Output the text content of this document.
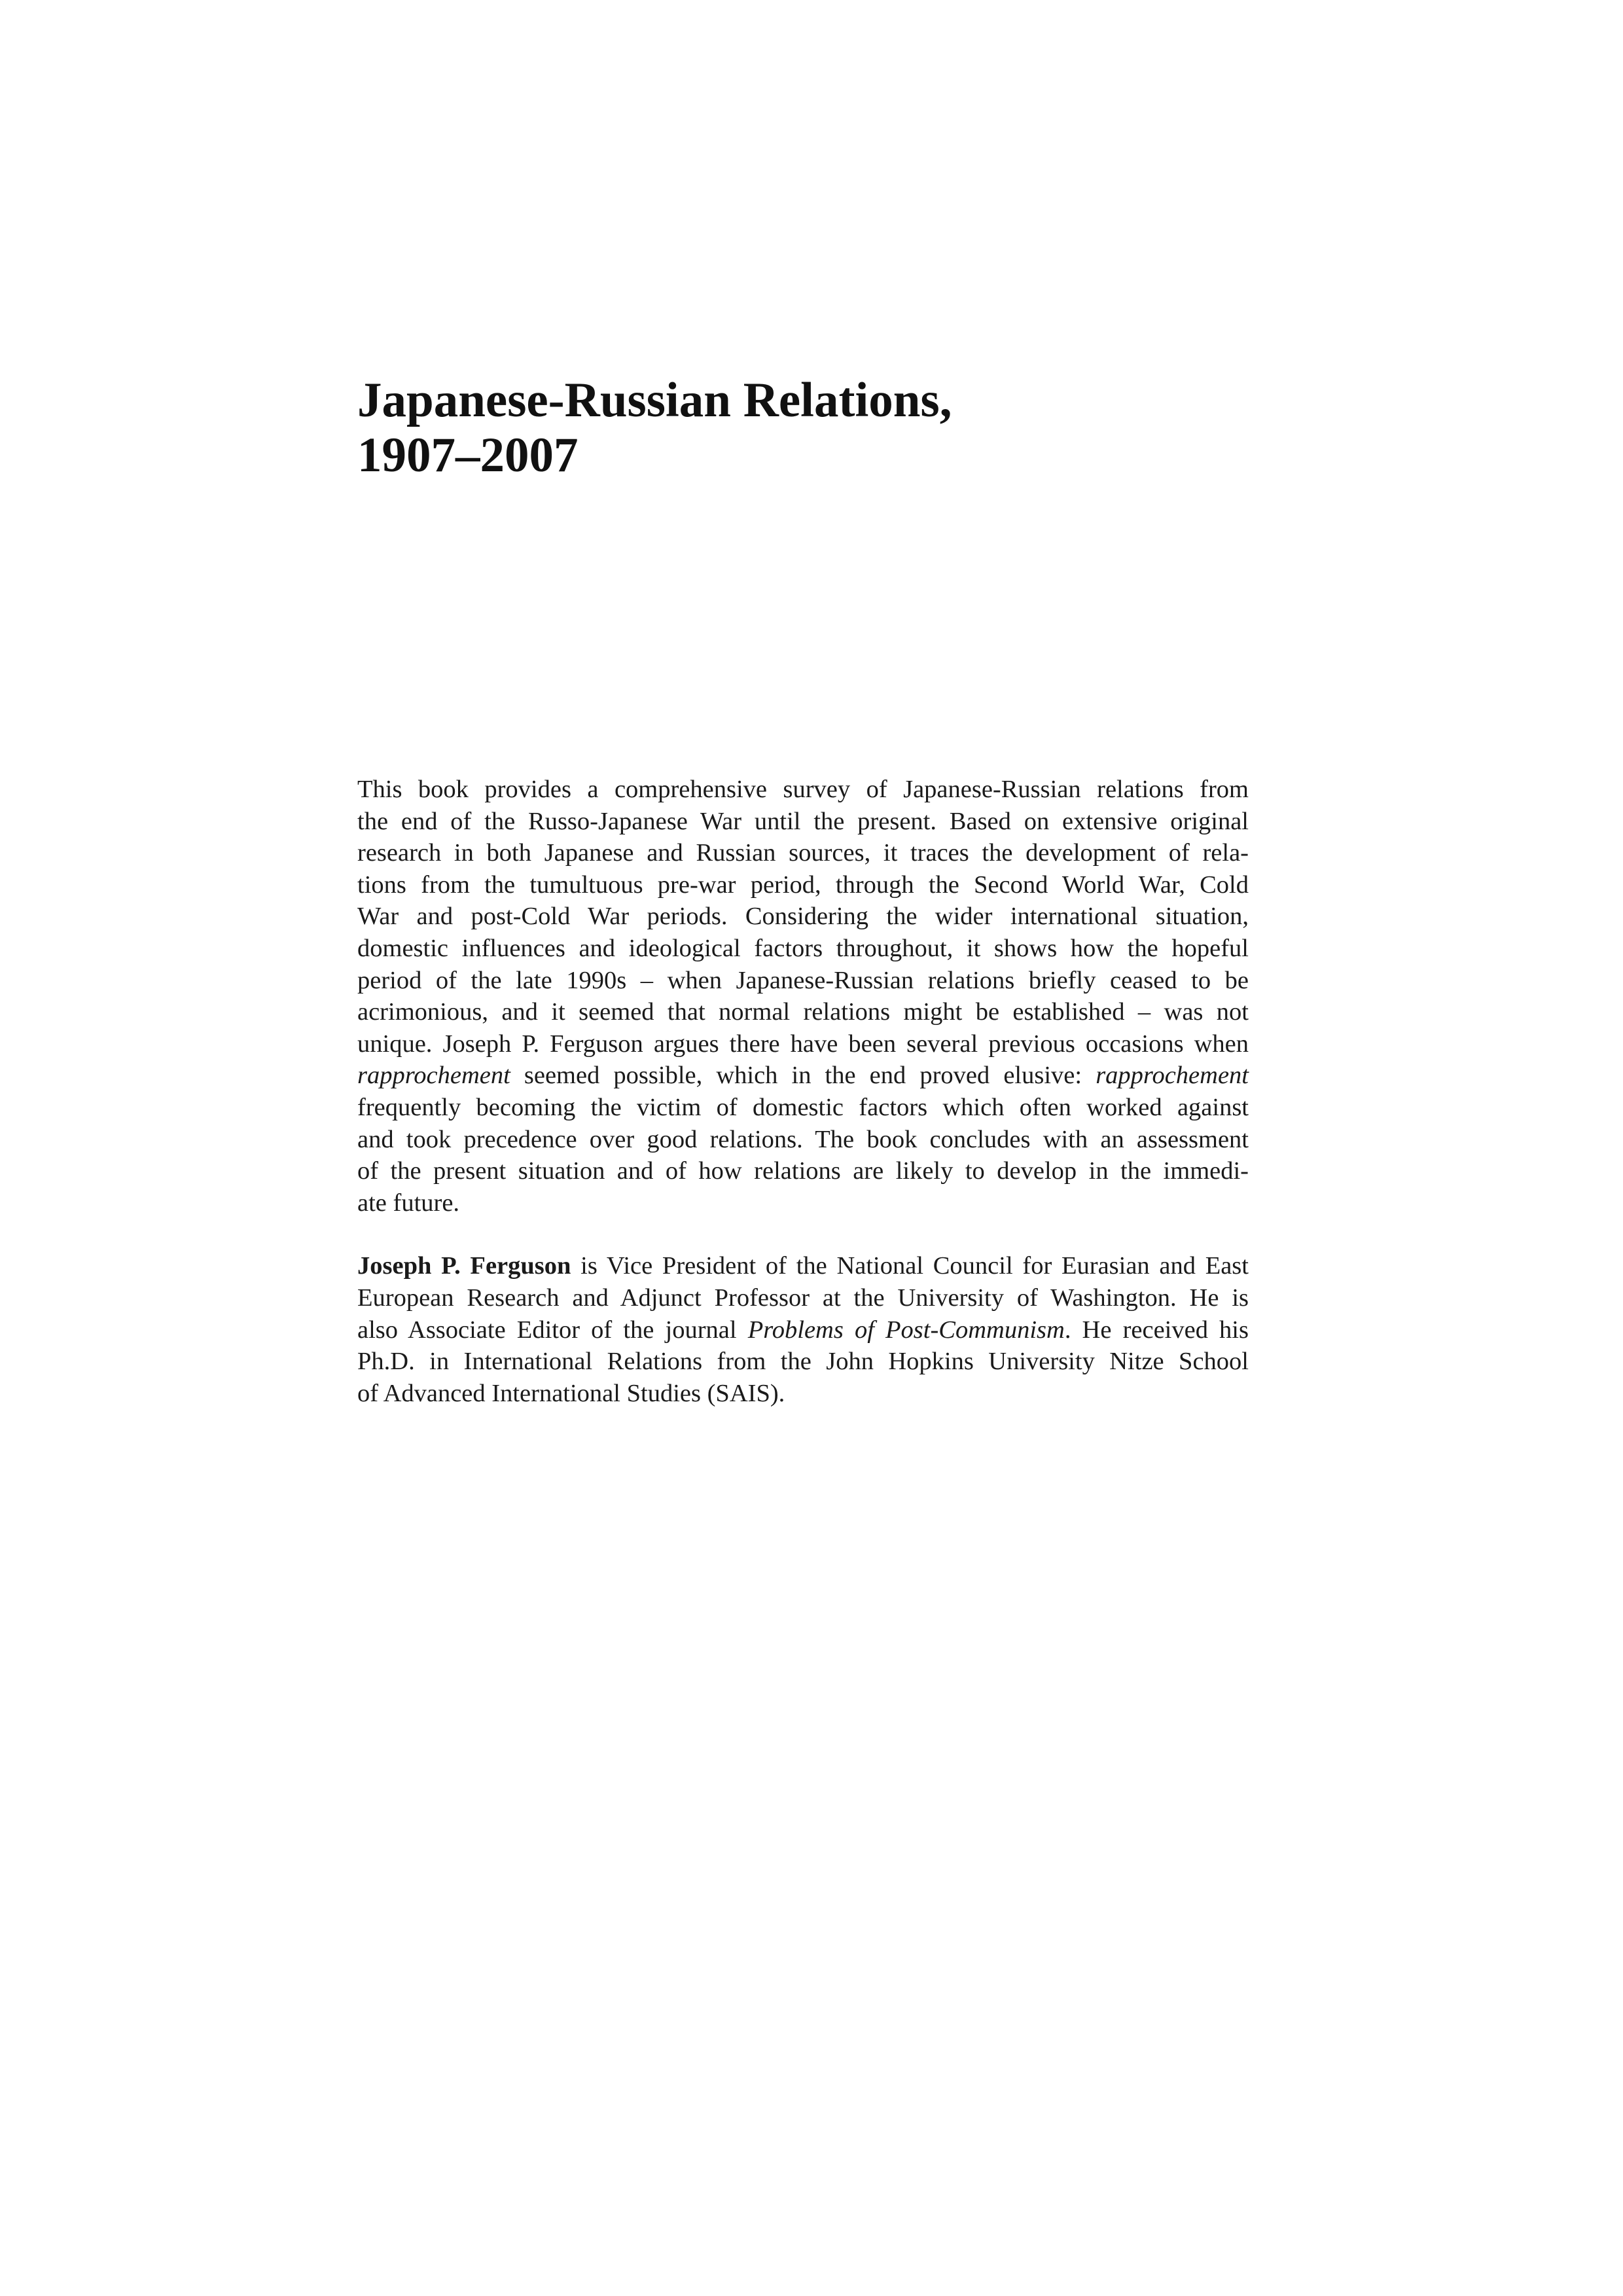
Japanese-Russian Relations,
1907–2007
This book provides a comprehensive survey of Japanese-Russian relations from
the end of the Russo-Japanese War until the present. Based on extensive original
research in both Japanese and Russian sources, it traces the development of rela-
tions from the tumultuous pre-war period, through the Second World War, Cold
War and post-Cold War periods. Considering the wider international situation,
domestic influences and ideological factors throughout, it shows how the hopeful
period of the late 1990s – when Japanese-Russian relations briefly ceased to be
acrimonious, and it seemed that normal relations might be established – was not
unique. Joseph P. Ferguson argues there have been several previous occasions when
rapprochement seemed possible, which in the end proved elusive: rapprochement
frequently becoming the victim of domestic factors which often worked against
and took precedence over good relations. The book concludes with an assessment
of the present situation and of how relations are likely to develop in the immedi-
ate future.
Joseph P. Ferguson is Vice President of the National Council for Eurasian and East
European Research and Adjunct Professor at the University of Washington. He is
also Associate Editor of the journal Problems of Post-Communism. He received his
Ph.D. in International Relations from the John Hopkins University Nitze School
of Advanced International Studies (SAIS).
